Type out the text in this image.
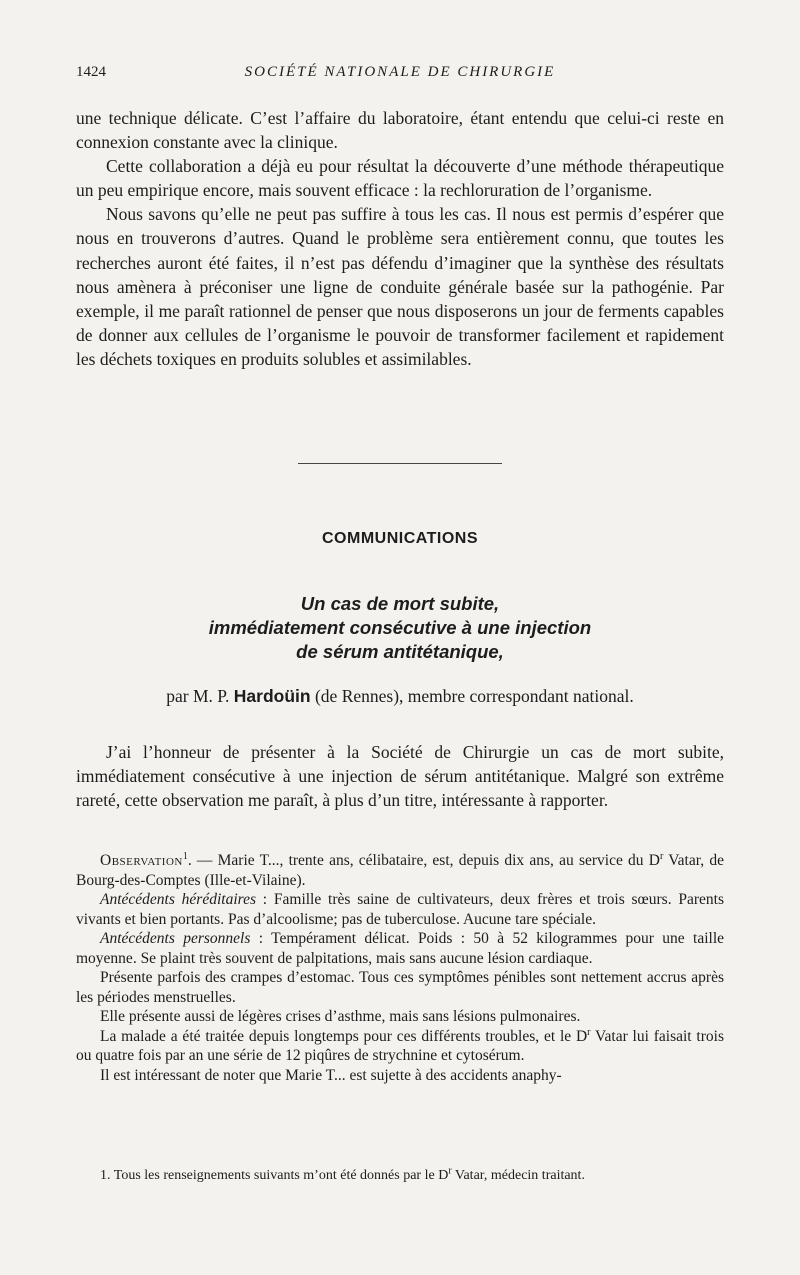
1424	SOCIÉTÉ NATIONALE DE CHIRURGIE

une technique délicate. C’est l’affaire du laboratoire, étant entendu que celui-ci reste en connexion constante avec la clinique.

Cette collaboration a déjà eu pour résultat la découverte d’une méthode thérapeutique un peu empirique encore, mais souvent efficace : la rechloruration de l’organisme.

Nous savons qu’elle ne peut pas suffire à tous les cas. Il nous est permis d’espérer que nous en trouverons d’autres. Quand le problème sera entièrement connu, que toutes les recherches auront été faites, il n’est pas défendu d’imaginer que la synthèse des résultats nous amènera à préconiser une ligne de conduite générale basée sur la pathogénie. Par exemple, il me paraît rationnel de penser que nous disposerons un jour de ferments capables de donner aux cellules de l’organisme le pouvoir de transformer facilement et rapidement les déchets toxiques en produits solubles et assimilables.

COMMUNICATIONS
Un cas de mort subite,
immédiatement consécutive à une injection
de sérum antitétanique,
par M. P. Hardoüin (de Rennes), membre correspondant national.

J’ai l’honneur de présenter à la Société de Chirurgie un cas de mort subite, immédiatement consécutive à une injection de sérum antitétanique. Malgré son extrême rareté, cette observation me paraît, à plus d’un titre, intéressante à rapporter.

Observation$^1$. — Marie T..., trente ans, célibataire, est, depuis dix ans, au service du $D^r$ Vatar, de Bourg-des-Comptes (Ille-et-Vilaine).

Antécédents héréditaires : Famille très saine de cultivateurs, deux frères et trois sœurs. Parents vivants et bien portants. Pas d’alcoolisme; pas de tuberculose. Aucune tare spéciale.

Antécédents personnels : Tempérament délicat. Poids : 50 à 52 kilogrammes pour une taille moyenne. Se plaint très souvent de palpitations, mais sans aucune lésion cardiaque.

Présente parfois des crampes d’estomac. Tous ces symptômes pénibles sont nettement accrus après les périodes menstruelles.

Elle présente aussi de légères crises d’asthme, mais sans lésions pulmonaires.

La malade a été traitée depuis longtemps pour ces différents troubles, et le $D^r$ Vatar lui faisait trois ou quatre fois par an une série de 12 piqûres de strychnine et cytosérum.

Il est intéressant de noter que Marie T... est sujette à des accidents anaphy-

1. Tous les renseignements suivants m’ont été donnés par le $D^r$ Vatar, médecin traitant.
